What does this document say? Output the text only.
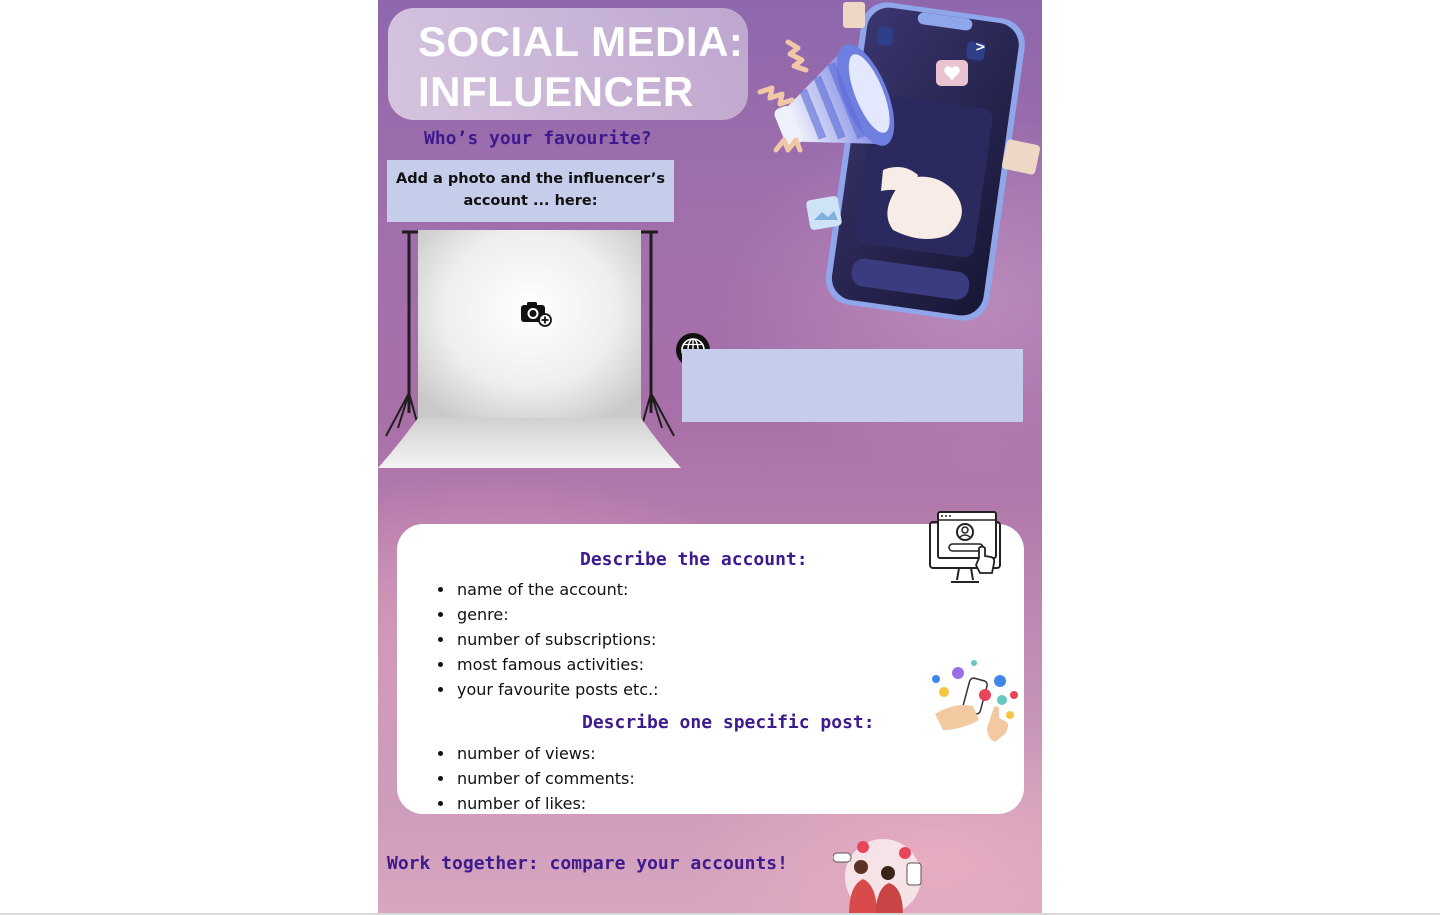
SOCIAL MEDIA:
INFLUENCER
Who’s your favourite?
Add a photo and the influencer’s account ... here:
>
Describe the account:
• name of the account:
• genre:
• number of subscriptions:
• most famous activities:
• your favourite posts etc.:
Describe one specific post:
• number of views:
• number of comments:
• number of likes:
Work together: compare your accounts!
